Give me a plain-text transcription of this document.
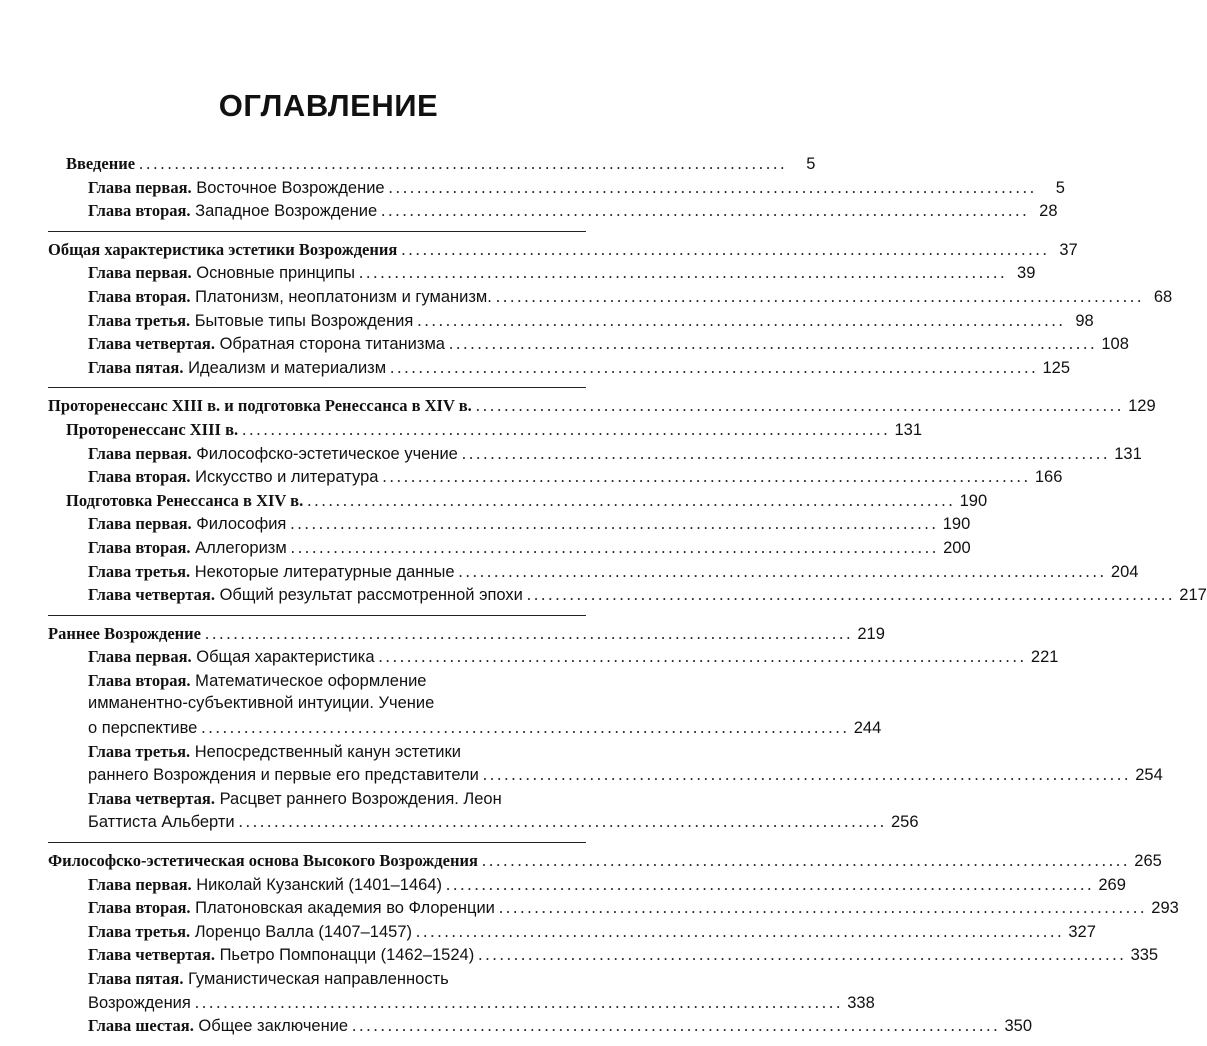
ОГЛАВЛЕНИЕ
Введение ...........................................................................................	5
Глава первая. Восточное Возрождение ...........................................................................................	5
Глава вторая. Западное Возрождение ........................................................................................... 28
Общая характеристика эстетики Возрождения ........................................................................................... 37
Глава первая. Основные принципы ........................................................................................... 39
Глава вторая. Платонизм, неоплатонизм и гуманизм. ........................................................................................... 68
Глава третья. Бытовые типы Возрождения ........................................................................................... 98
Глава четвертая. Обратная сторона титанизма ........................................................................................... 108
Глава пятая. Идеализм и материализм ........................................................................................... 125
Проторенессанс XIII в. и подготовка Ренессанса в XIV в. ........................................................................................... 129
Проторенессанс XIII в. ........................................................................................... 131
Глава первая. Философско-эстетическое учение ........................................................................................... 131
Глава вторая. Искусство и литература ........................................................................................... 166
Подготовка Ренессанса в XIV в. ........................................................................................... 190
Глава первая. Философия ........................................................................................... 190
Глава вторая. Аллегоризм ........................................................................................... 200
Глава третья. Некоторые литературные данные ........................................................................................... 204
Глава четвертая. Общий результат рассмотренной эпохи ........................................................................................... 217
Раннее Возрождение ........................................................................................... 219
Глава первая. Общая характеристика ........................................................................................... 221
Глава вторая. Математическое оформление
имманентно-субъективной интуиции. Учение
о перспективе ........................................................................................... 244
Глава третья. Непосредственный канун эстетики
раннего Возрождения и первые его представители ........................................................................................... 254
Глава четвертая. Расцвет раннего Возрождения. Леон
Баттиста Альберти ........................................................................................... 256
Философско-эстетическая основа Высокого Возрождения ........................................................................................... 265
Глава первая. Николай Кузанский (1401–1464) ........................................................................................... 269
Глава вторая. Платоновская академия во Флоренции ........................................................................................... 293
Глава третья. Лоренцо Валла (1407–1457) ........................................................................................... 327
Глава четвертая. Пьетро Помпонацци (1462–1524) ........................................................................................... 335
Глава пятая. Гуманистическая направленность
Возрождения ........................................................................................... 338
Глава шестая. Общее заключение ........................................................................................... 350
